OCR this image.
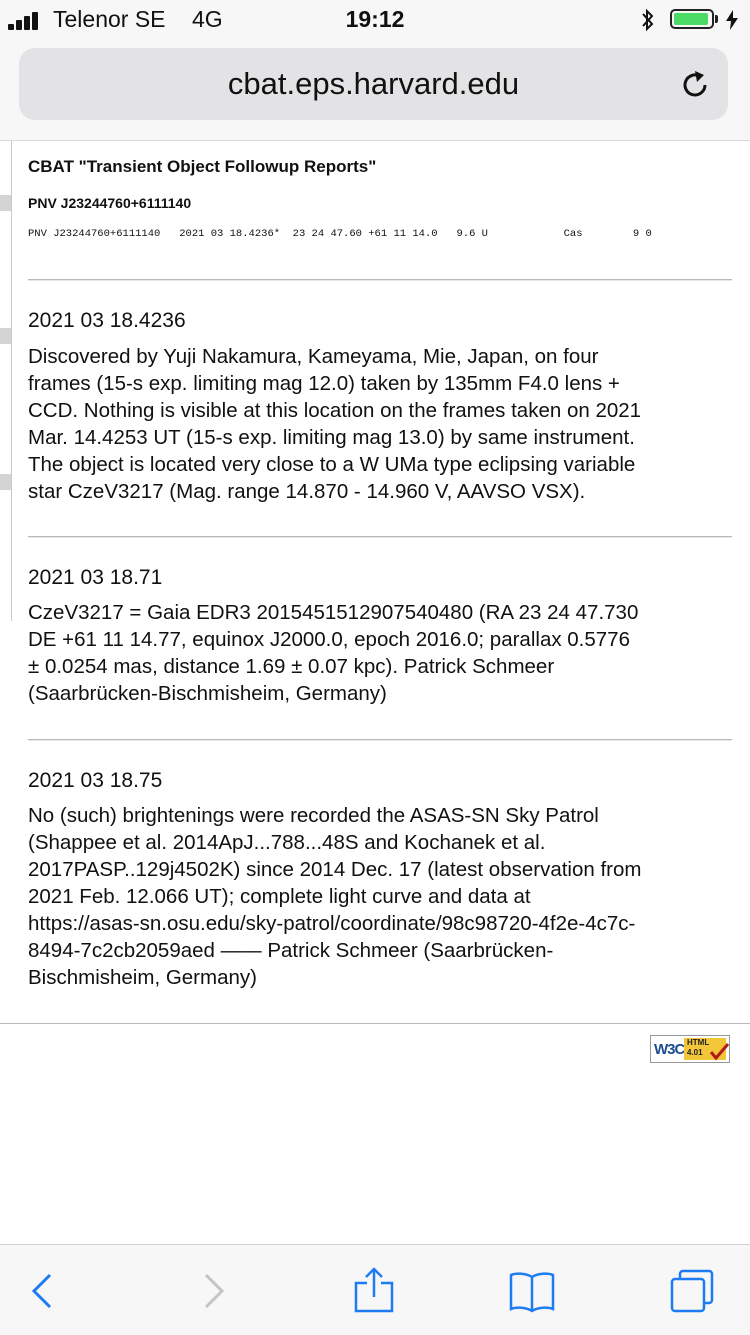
Telenor SE 4G	19:12
cbat.eps.harvard.edu
CBAT "Transient Object Followup Reports"
PNV J23244760+6111140
PNV J23244760+6111140   2021 03 18.4236*  23 24 47.60 +61 11 14.0   9.6 U            Cas        9 0
2021 03 18.4236
Discovered by Yuji Nakamura, Kameyama, Mie, Japan, on four
frames (15-s exp. limiting mag 12.0) taken by 135mm F4.0 lens +
CCD. Nothing is visible at this location on the frames taken on 2021
Mar. 14.4253 UT (15-s exp. limiting mag 13.0) by same instrument.
The object is located very close to a W UMa type eclipsing variable
star CzeV3217 (Mag. range 14.870 - 14.960 V, AAVSO VSX).
2021 03 18.71
CzeV3217 = Gaia EDR3 2015451512907540480 (RA 23 24 47.730
DE +61 11 14.77, equinox J2000.0, epoch 2016.0; parallax 0.5776
± 0.0254 mas, distance 1.69 ± 0.07 kpc). Patrick Schmeer
(Saarbrücken-Bischmisheim, Germany)
2021 03 18.75
No (such) brightenings were recorded the ASAS-SN Sky Patrol
(Shappee et al. 2014ApJ...788...48S and Kochanek et al.
2017PASP..129j4502K) since 2014 Dec. 17 (latest observation from
2021 Feb. 12.066 UT); complete light curve and data at
https://asas-sn.osu.edu/sky-patrol/coordinate/98c98720-4f2e-4c7c-
8494-7c2cb2059aed —— Patrick Schmeer (Saarbrücken-
Bischmisheim, Germany)
W3C HTML
4.01
